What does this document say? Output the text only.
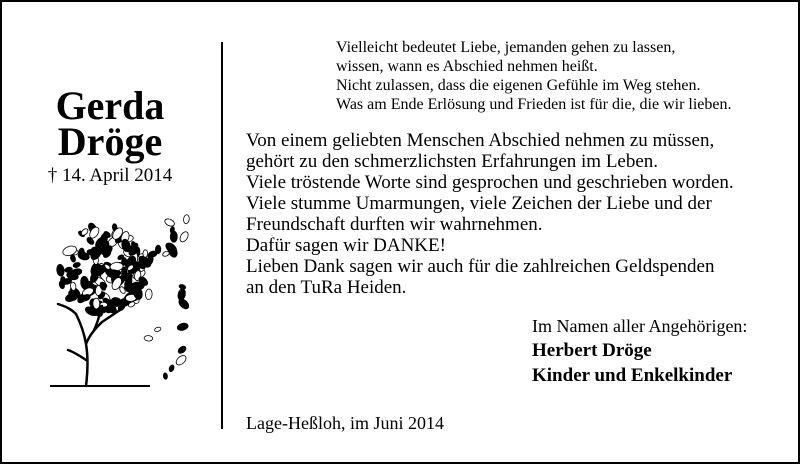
Gerda
Dröge
† 14. April 2014
Vielleicht bedeutet Liebe, jemanden gehen zu lassen,
wissen, wann es Abschied nehmen heißt.
Nicht zulassen, dass die eigenen Gefühle im Weg stehen.
Was am Ende Erlösung und Frieden ist für die, die wir lieben.
Von einem geliebten Menschen Abschied nehmen zu müssen,
gehört zu den schmerzlichsten Erfahrungen im Leben.
Viele tröstende Worte sind gesprochen und geschrieben worden.
Viele stumme Umarmungen, viele Zeichen der Liebe und der
Freundschaft durften wir wahrnehmen.
Dafür sagen wir DANKE!
Lieben Dank sagen wir auch für die zahlreichen Geldspenden
an den TuRa Heiden.
Im Namen aller Angehörigen:
Herbert Dröge
Kinder und Enkelkinder
Lage-Heßloh, im Juni 2014
